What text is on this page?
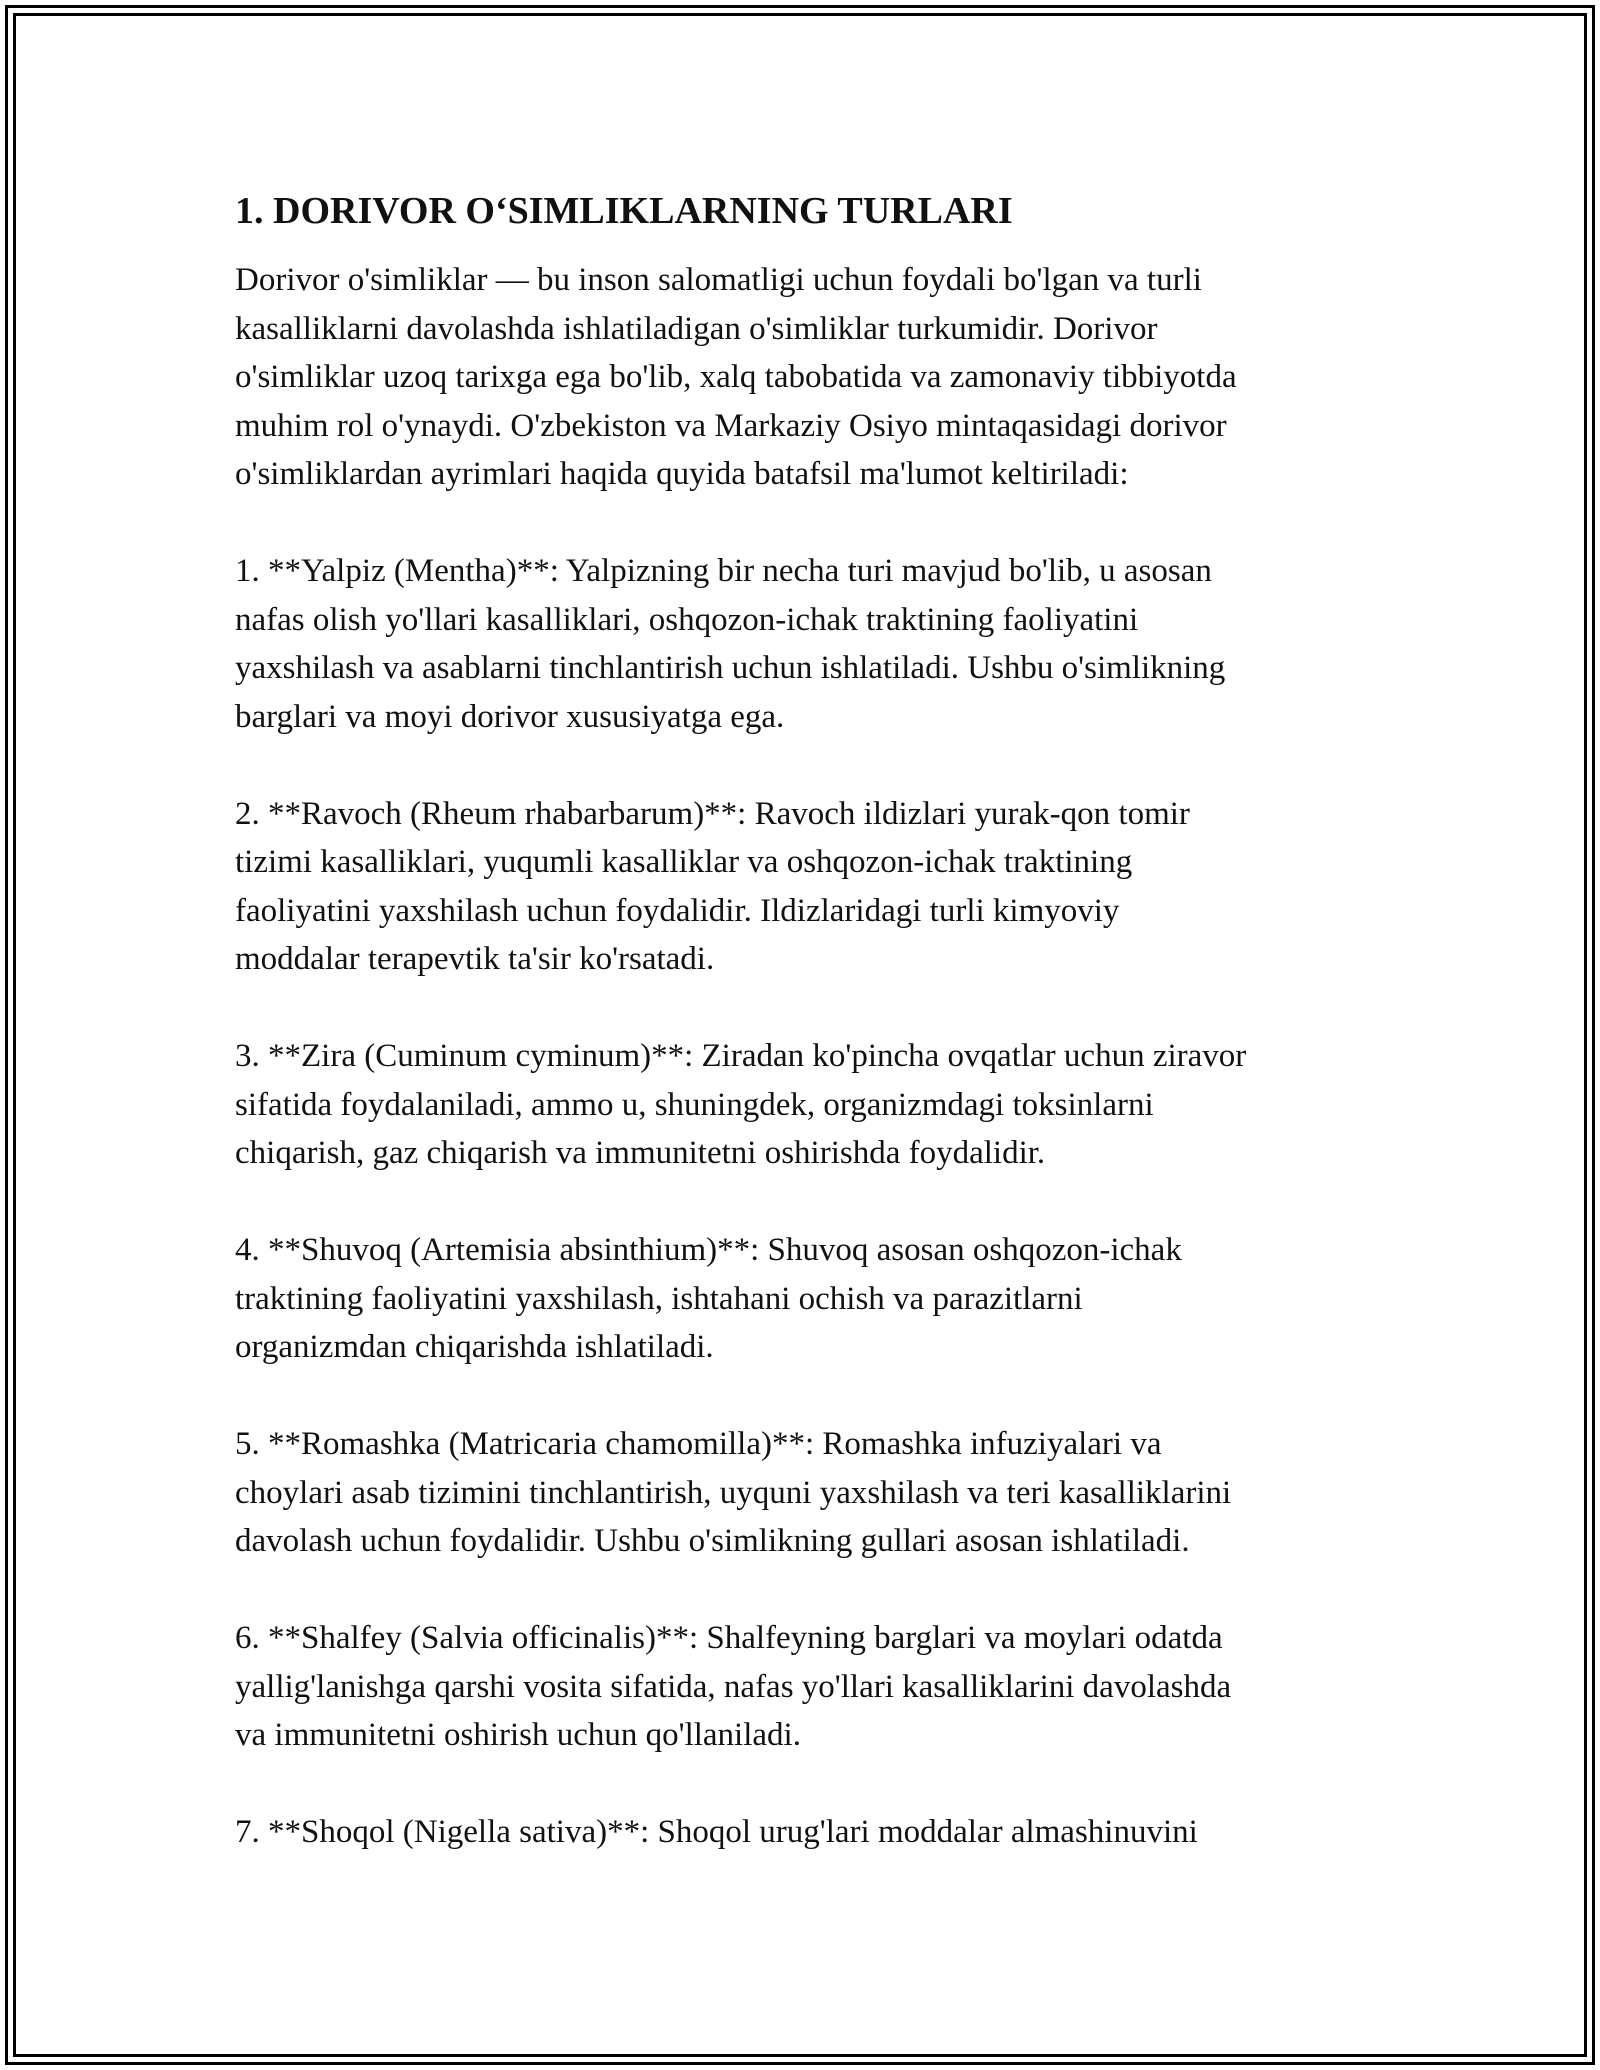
1. DORIVOR O‘SIMLIKLARNING TURLARI
Dorivor o'simliklar — bu inson salomatligi uchun foydali bo'lgan va turli
kasalliklarni davolashda ishlatiladigan o'simliklar turkumidir. Dorivor
o'simliklar uzoq tarixga ega bo'lib, xalq tabobatida va zamonaviy tibbiyotda
muhim rol o'ynaydi. O'zbekiston va Markaziy Osiyo mintaqasidagi dorivor
o'simliklardan ayrimlari haqida quyida batafsil ma'lumot keltiriladi:
1. **Yalpiz (Mentha)**: Yalpizning bir necha turi mavjud bo'lib, u asosan
nafas olish yo'llari kasalliklari, oshqozon-ichak traktining faoliyatini
yaxshilash va asablarni tinchlantirish uchun ishlatiladi. Ushbu o'simlikning
barglari va moyi dorivor xususiyatga ega.
2. **Ravoch (Rheum rhabarbarum)**: Ravoch ildizlari yurak-qon tomir
tizimi kasalliklari, yuqumli kasalliklar va oshqozon-ichak traktining
faoliyatini yaxshilash uchun foydalidir. Ildizlaridagi turli kimyoviy
moddalar terapevtik ta'sir ko'rsatadi.
3. **Zira (Cuminum cyminum)**: Ziradan ko'pincha ovqatlar uchun ziravor
sifatida foydalaniladi, ammo u, shuningdek, organizmdagi toksinlarni
chiqarish, gaz chiqarish va immunitetni oshirishda foydalidir.
4. **Shuvoq (Artemisia absinthium)**: Shuvoq asosan oshqozon-ichak
traktining faoliyatini yaxshilash, ishtahani ochish va parazitlarni
organizmdan chiqarishda ishlatiladi.
5. **Romashka (Matricaria chamomilla)**: Romashka infuziyalari va
choylari asab tizimini tinchlantirish, uyquni yaxshilash va teri kasalliklarini
davolash uchun foydalidir. Ushbu o'simlikning gullari asosan ishlatiladi.
6. **Shalfey (Salvia officinalis)**: Shalfeyning barglari va moylari odatda
yallig'lanishga qarshi vosita sifatida, nafas yo'llari kasalliklarini davolashda
va immunitetni oshirish uchun qo'llaniladi.
7. **Shoqol (Nigella sativa)**: Shoqol urug'lari moddalar almashinuvini
